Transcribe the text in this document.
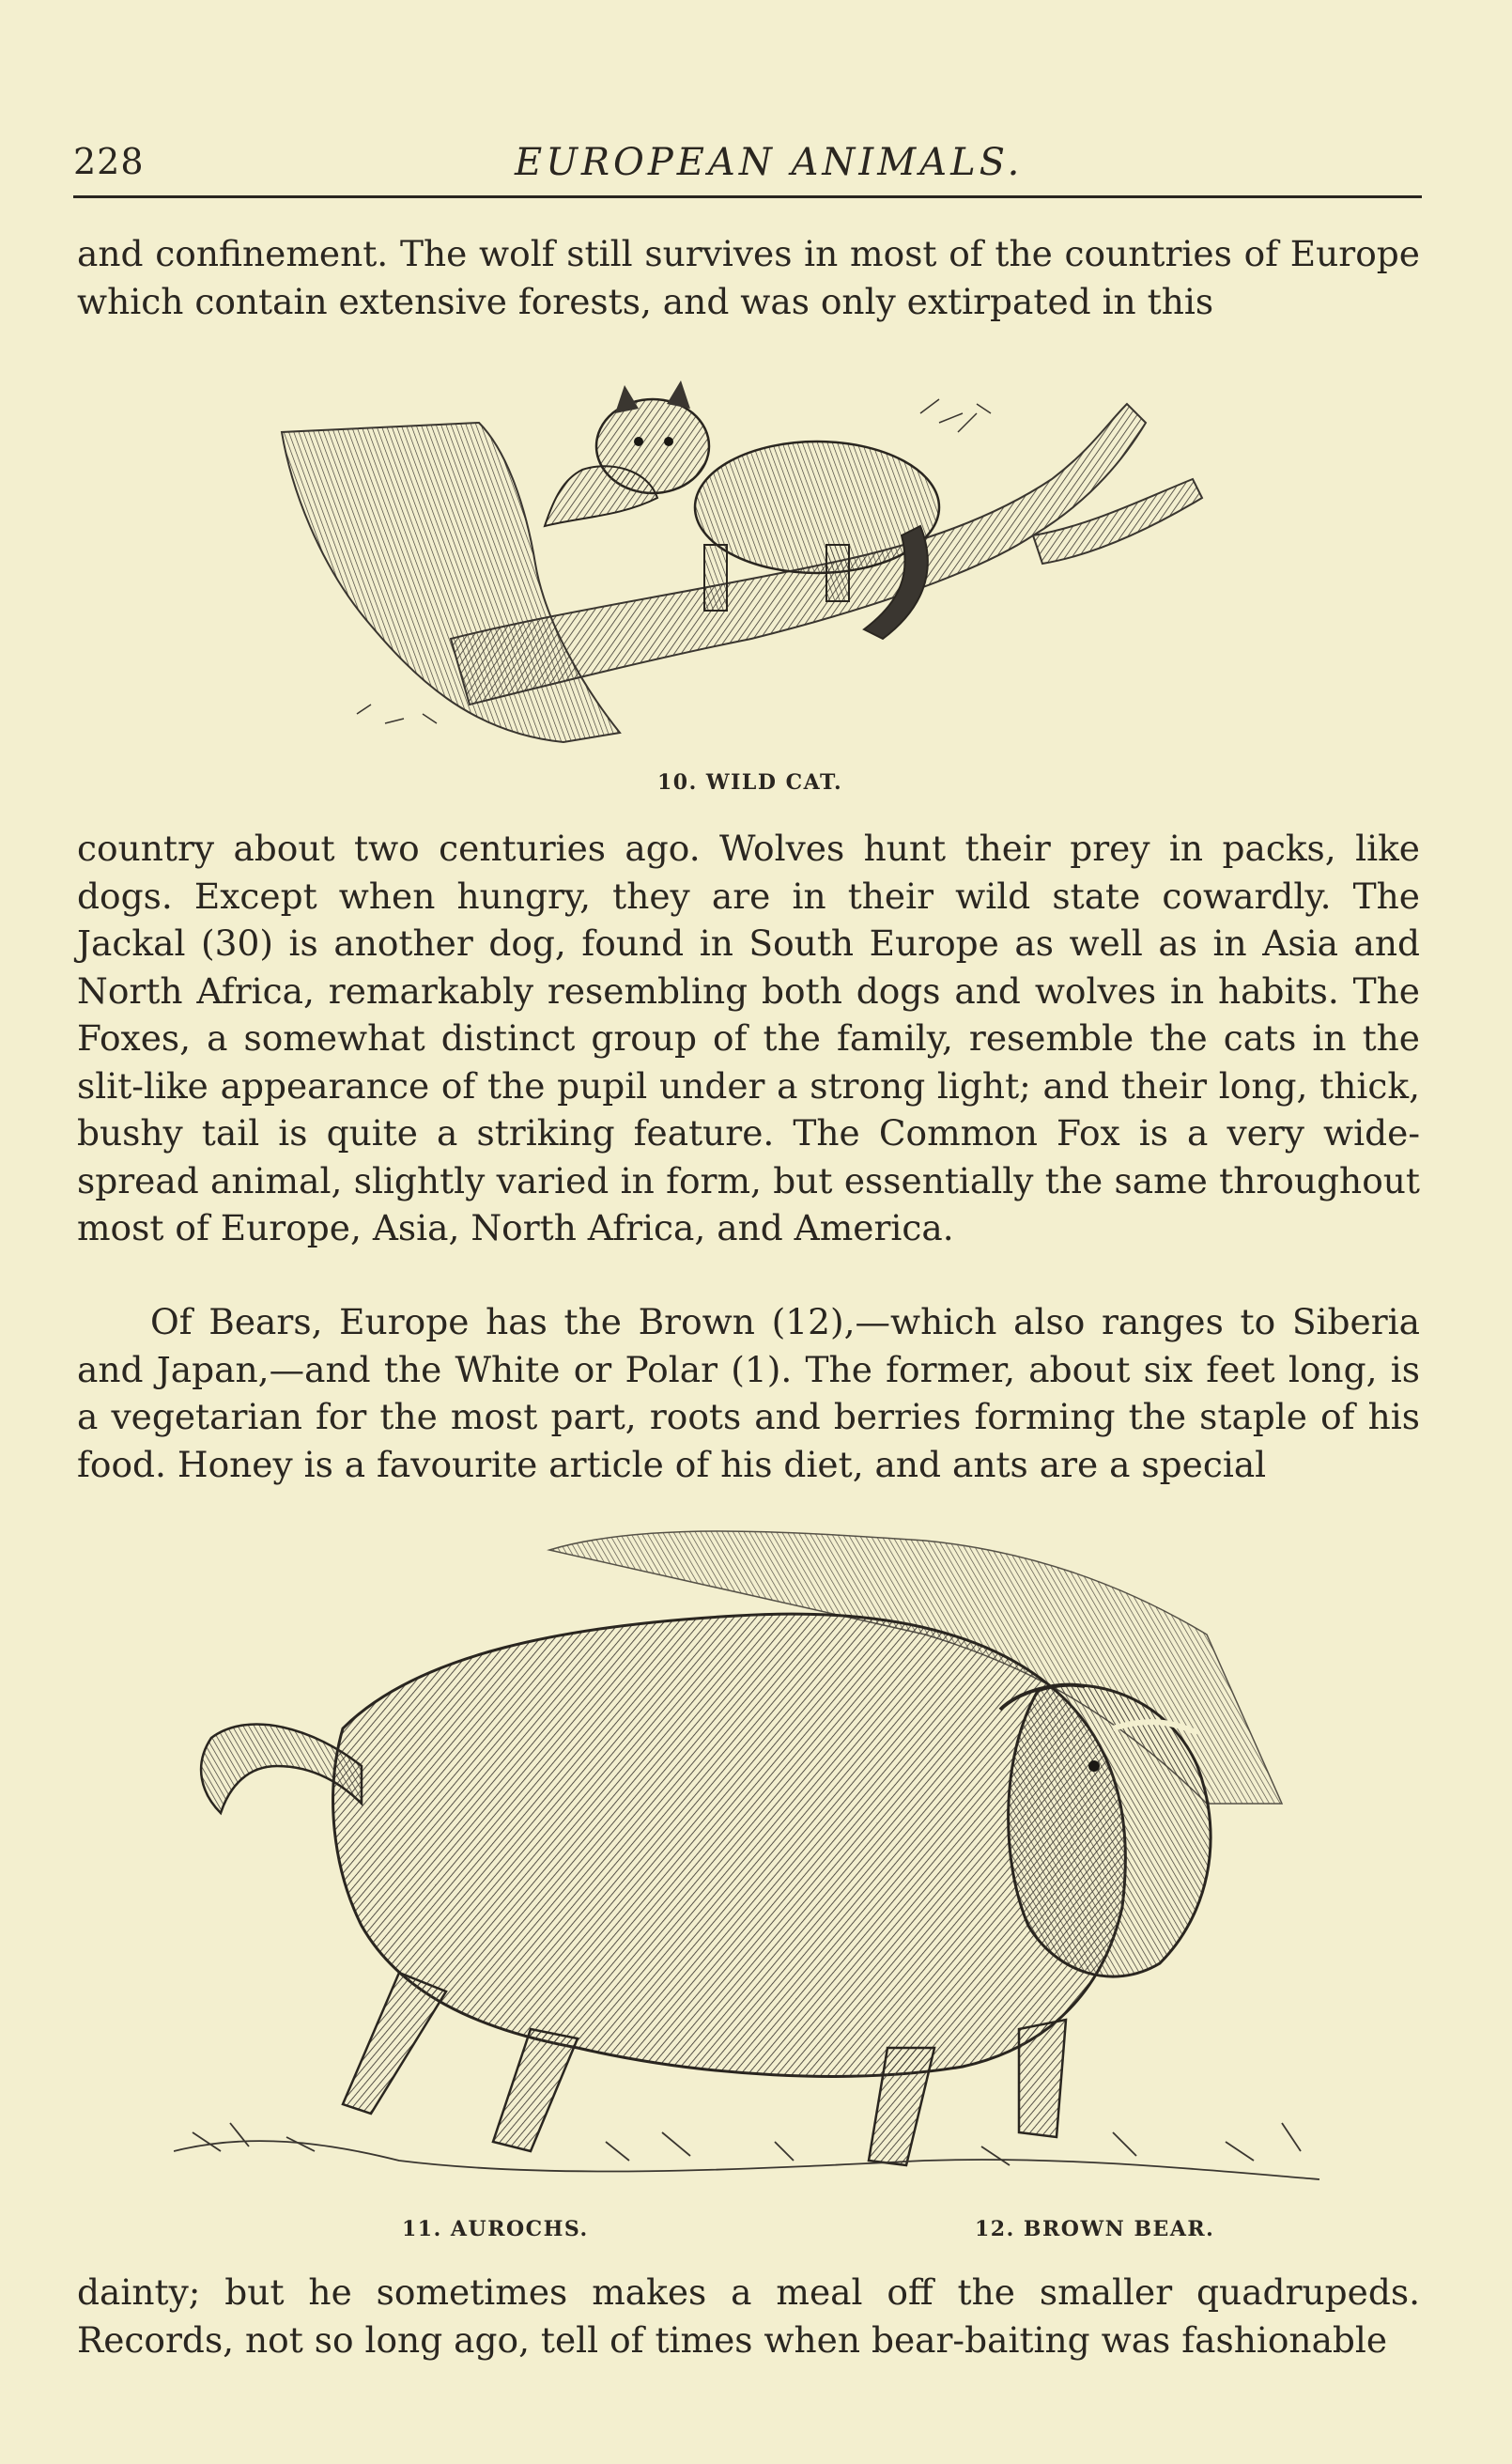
228	EUROPEAN ANIMALS.

and confinement. The wolf still survives in most of the countries of Europe which contain extensive forests, and was only extirpated in this

10. WILD CAT.

country about two centuries ago. Wolves hunt their prey in packs, like dogs. Except when hungry, they are in their wild state cowardly. The Jackal (30) is another dog, found in South Europe as well as in Asia and North Africa, remarkably resembling both dogs and wolves in habits. The Foxes, a somewhat distinct group of the family, resemble the cats in the slit-like appearance of the pupil under a strong light; and their long, thick, bushy tail is quite a striking feature. The Common Fox is a very wide-spread animal, slightly varied in form, but essentially the same throughout most of Europe, Asia, North Africa, and America.

Of Bears, Europe has the Brown (12),—which also ranges to Siberia and Japan,—and the White or Polar (1). The former, about six feet long, is a vegetarian for the most part, roots and berries forming the staple of his food. Honey is a favourite article of his diet, and ants are a special

11. AUROCHS.	12. BROWN BEAR.

dainty; but he sometimes makes a meal off the smaller quadrupeds. Records, not so long ago, tell of times when bear-baiting was fashionable
